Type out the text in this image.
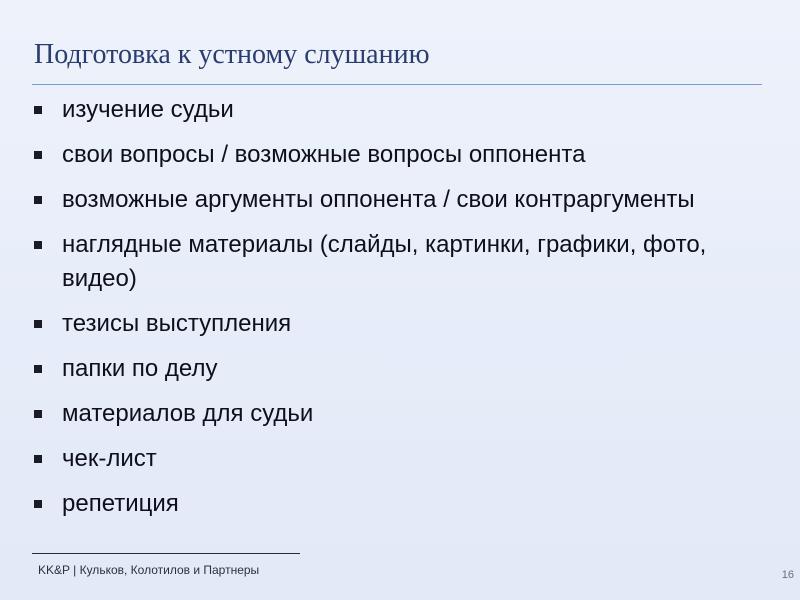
Подготовка к устному слушанию
изучение судьи
свои вопросы / возможные вопросы оппонента
возможные аргументы оппонента / свои контраргументы
наглядные материалы (слайды, картинки, графики, фото, видео)
тезисы выступления
папки по делу
материалов для судьи
чек-лист
репетиция
KK&P | Кульков, Колотилов и Партнеры	16
